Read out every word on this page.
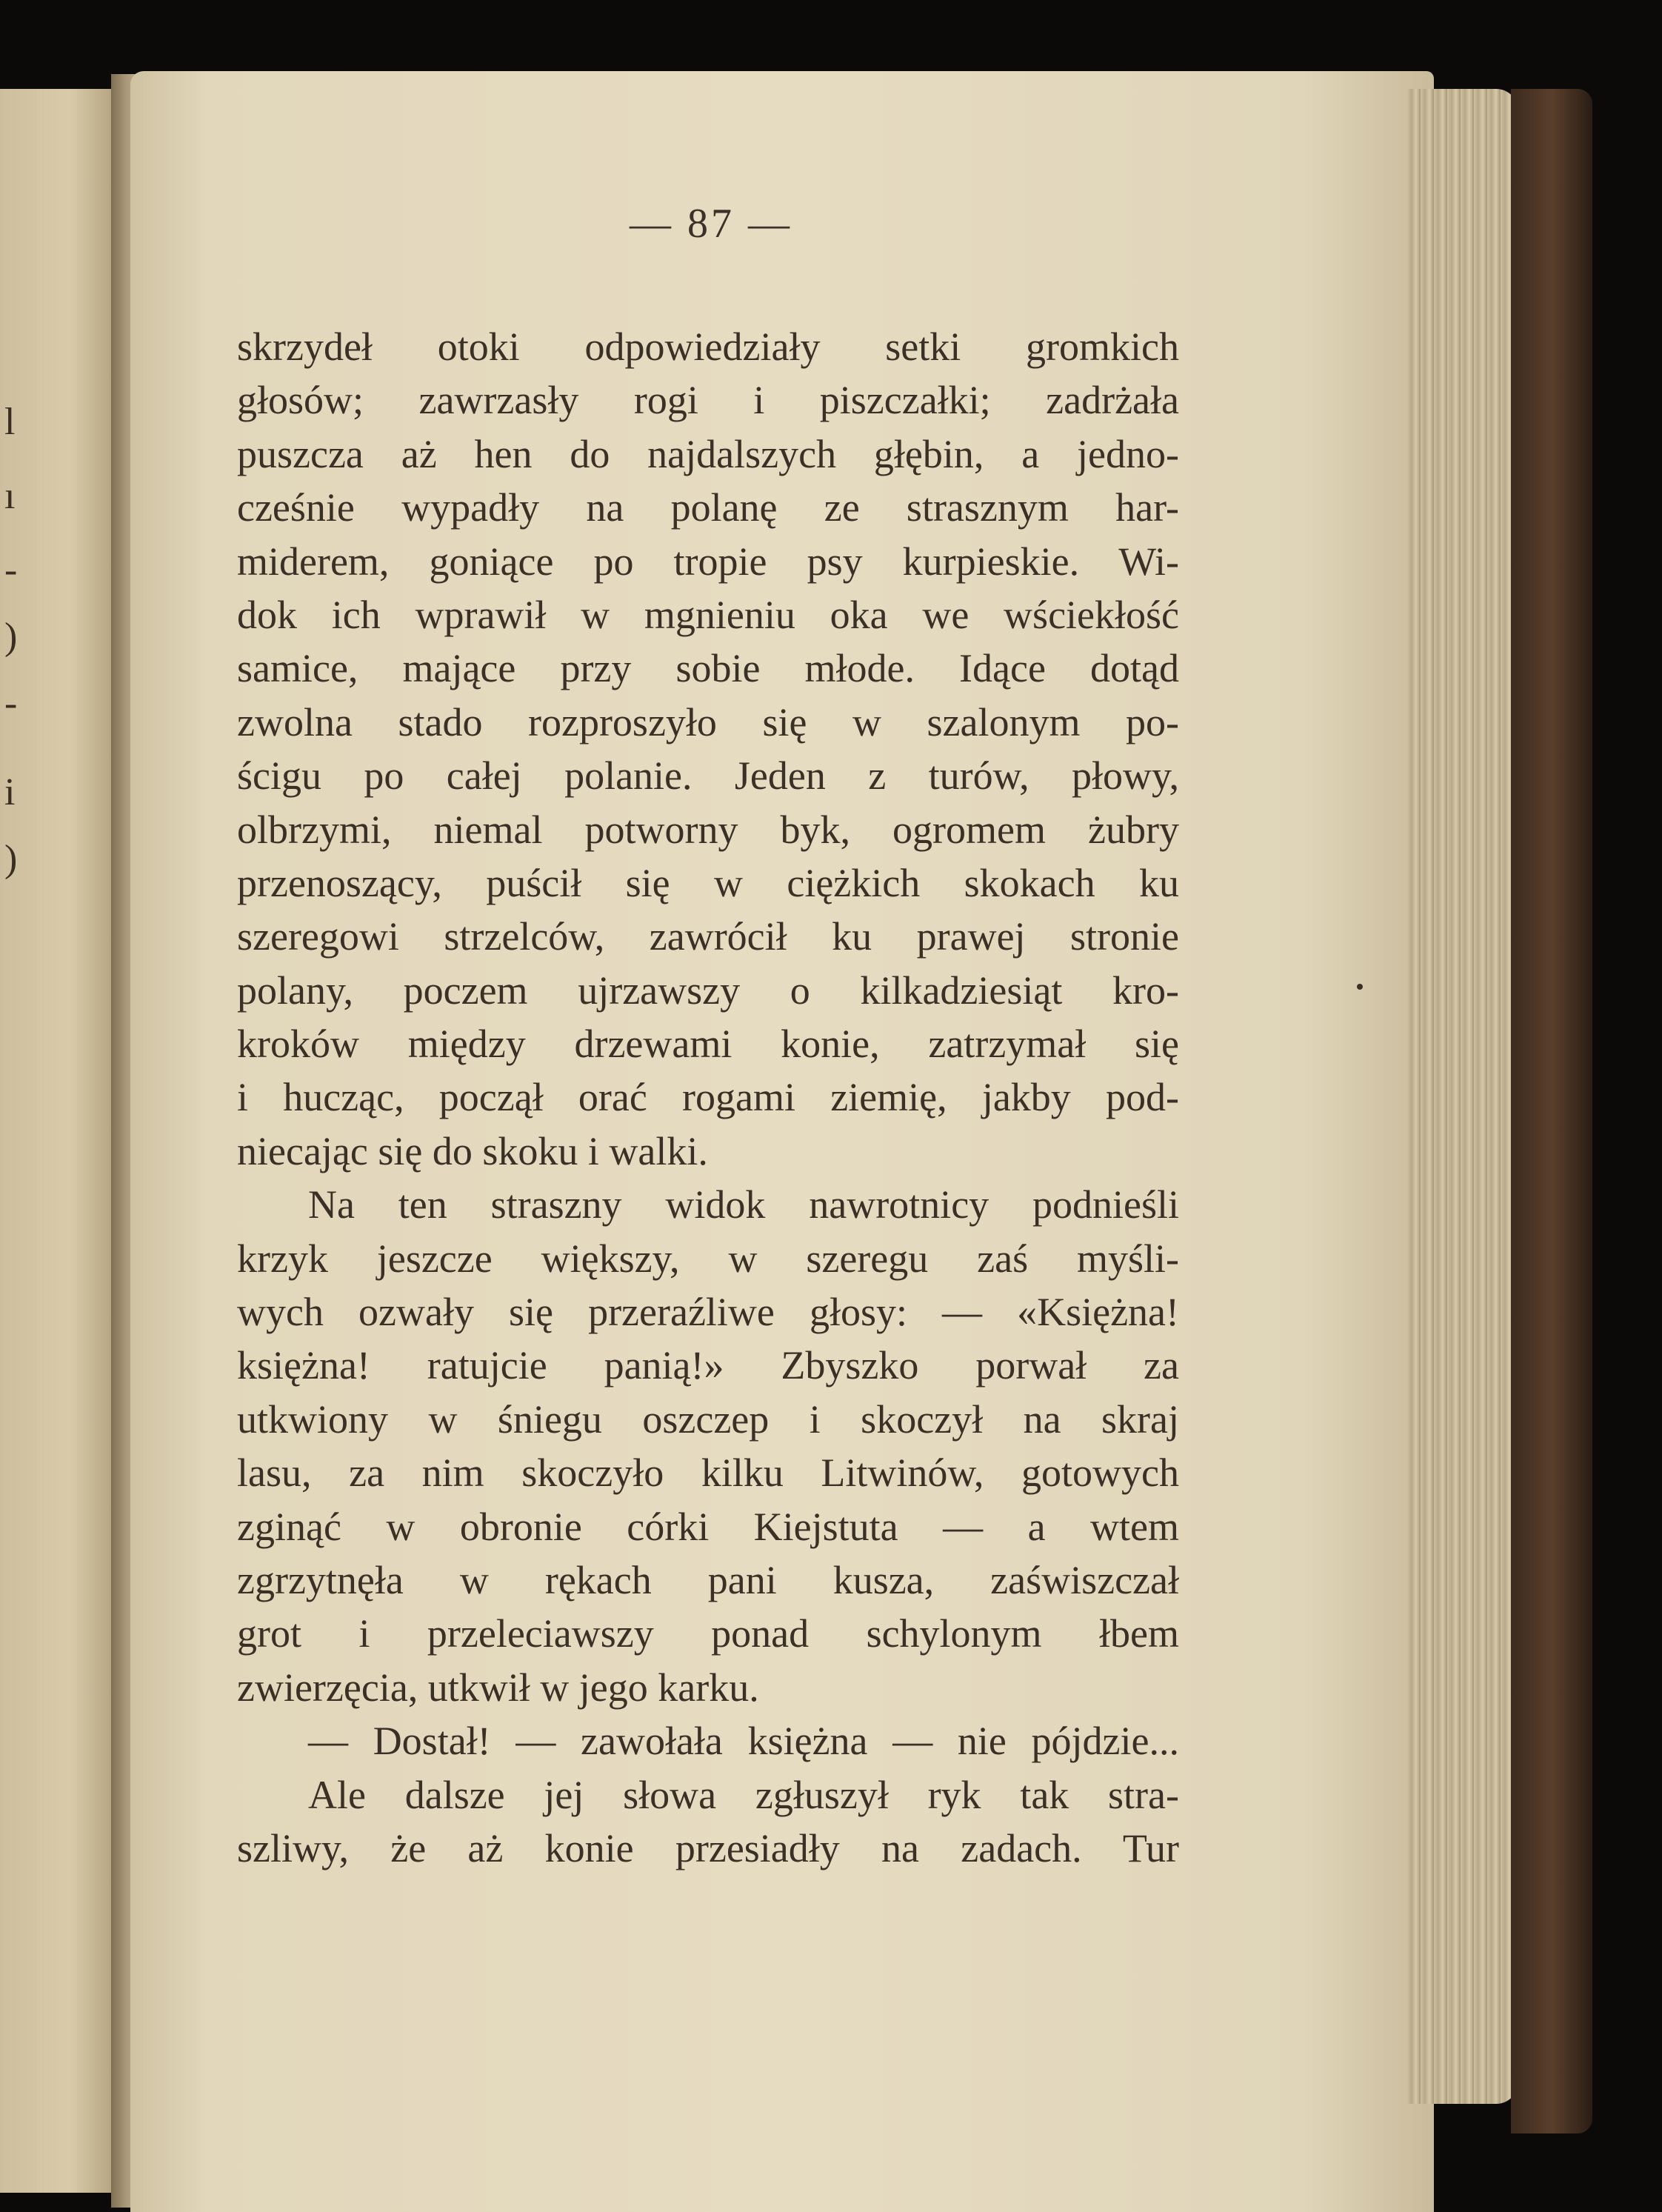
l
ı
-
)
-
i
)
— 87 —
skrzydeł otoki odpowiedziały setki gromkich
głosów; zawrzasły rogi i piszczałki; zadrżała
puszcza aż hen do najdalszych głębin, a jedno-
cześnie wypadły na polanę ze strasznym har-
miderem, goniące po tropie psy kurpieskie. Wi-
dok ich wprawił w mgnieniu oka we wściekłość
samice, mające przy sobie młode. Idące dotąd
zwolna stado rozproszyło się w szalonym po-
ścigu po całej polanie. Jeden z turów, płowy,
olbrzymi, niemal potworny byk, ogromem żubry
przenoszący, puścił się w ciężkich skokach ku
szeregowi strzelców, zawrócił ku prawej stronie
polany, poczem ujrzawszy o kilkadziesiąt kro-
kroków między drzewami konie, zatrzymał się
i hucząc, począł orać rogami ziemię, jakby pod-
niecając się do skoku i walki.
Na ten straszny widok nawrotnicy podnieśli
krzyk jeszcze większy, w szeregu zaś myśli-
wych ozwały się przeraźliwe głosy: — «Księżna!
księżna! ratujcie panią!» Zbyszko porwał za
utkwiony w śniegu oszczep i skoczył na skraj
lasu, za nim skoczyło kilku Litwinów, gotowych
zginąć w obronie córki Kiejstuta — a wtem
zgrzytnęła w rękach pani kusza, zaświszczał
grot i przeleciawszy ponad schylonym łbem
zwierzęcia, utkwił w jego karku.
— Dostał! — zawołała księżna — nie pójdzie...
Ale dalsze jej słowa zgłuszył ryk tak stra-
szliwy, że aż konie przesiadły na zadach. Tur
